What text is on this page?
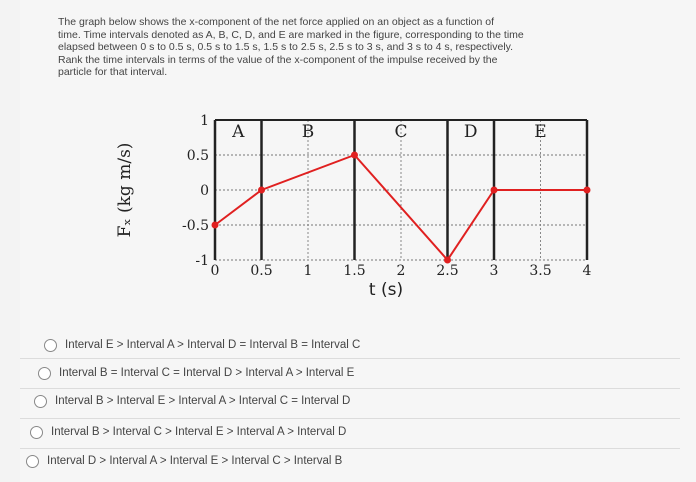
The graph below shows the x-component of the net force applied on an object as a function of
time. Time intervals denoted as A, B, C, D, and E are marked in the figure, corresponding to the time
elapsed between 0 s to 0.5 s, 0.5 s to 1.5 s, 1.5 s to 2.5 s, 2.5 s to 3 s, and 3 s to 4 s, respectively.
Rank the time intervals in terms of the value of the x-component of the impulse received by the
particle for that interval.
A	B	C	D	E
1
0.5
0
-0.5
-1
0 0.5 1 1.5 2 2.5 3 3.5 4
t (s)
Fₓ (kg m/s)
Interval E > Interval A > Interval D = Interval B = Interval C
Interval B = Interval C = Interval D > Interval A > Interval E
Interval B > Interval E > Interval A > Interval C = Interval D
Interval B > Interval C > Interval E > Interval A > Interval D
Interval D > Interval A > Interval E > Interval C > Interval B
